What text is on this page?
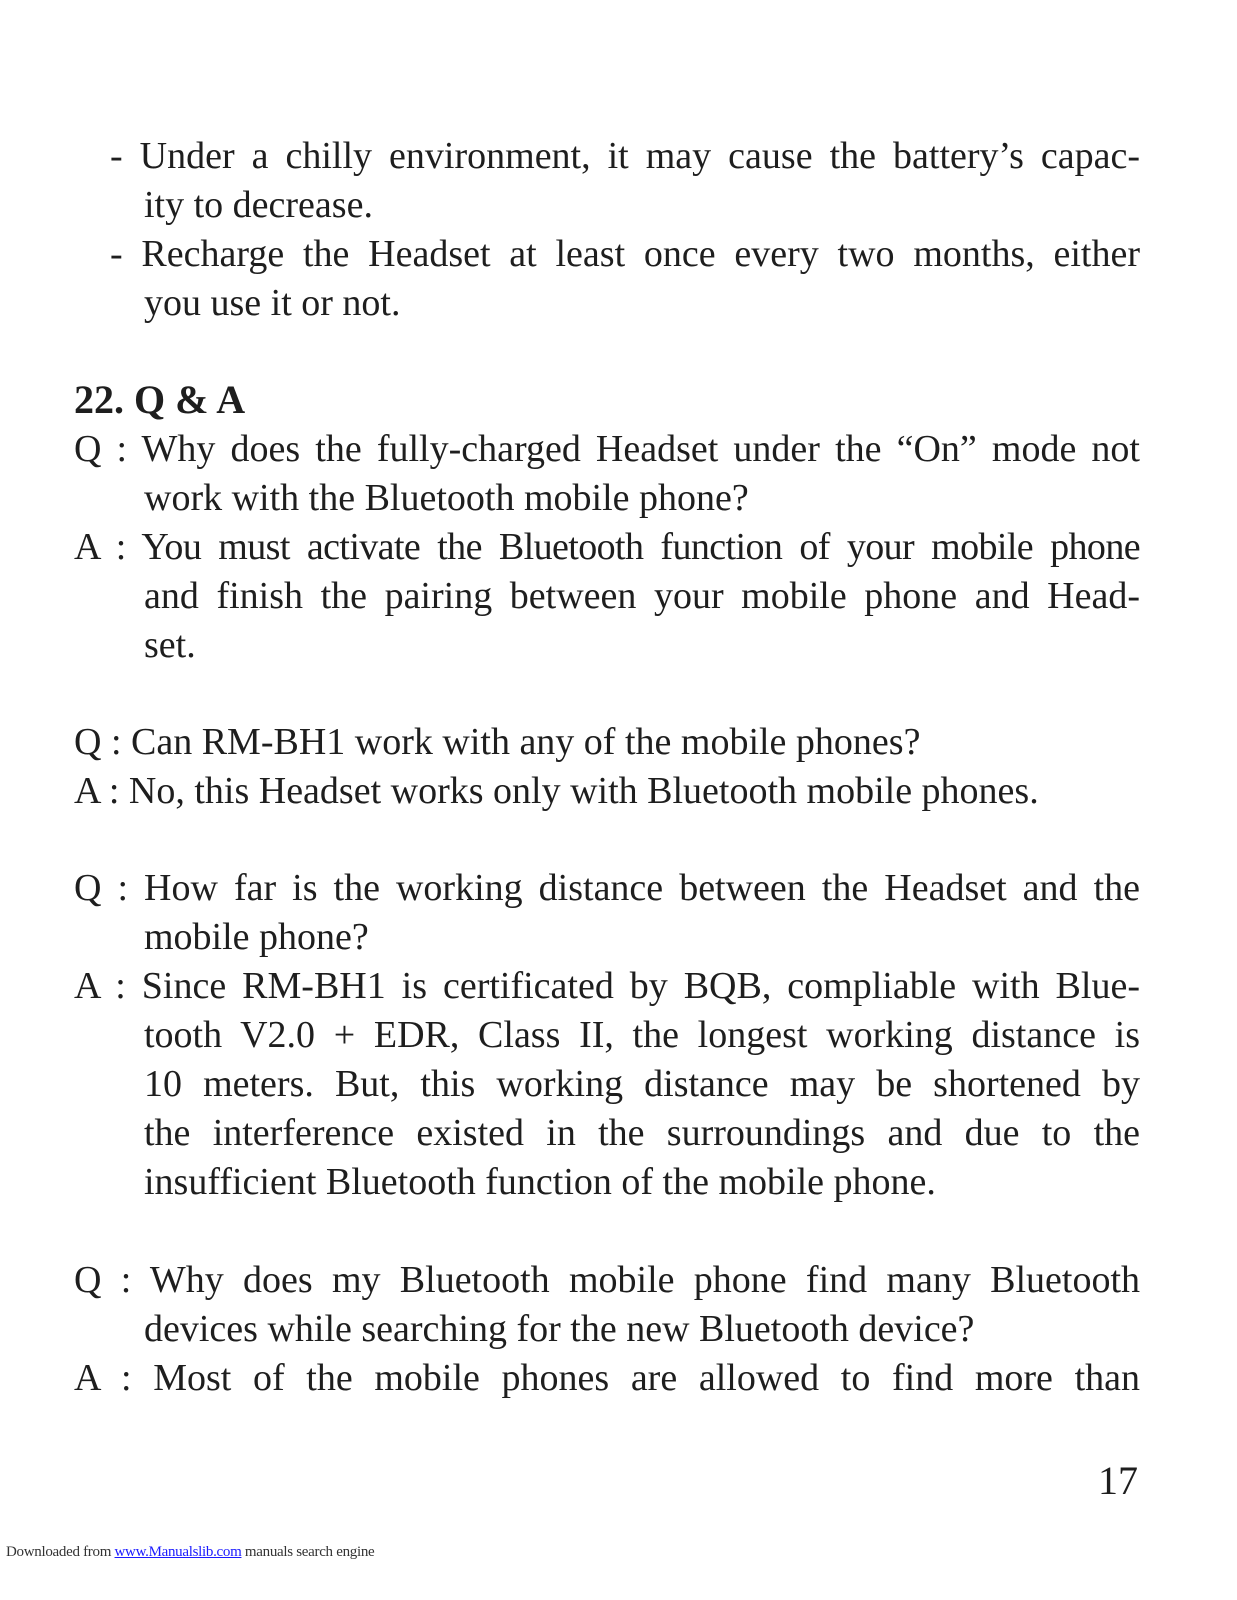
- Under a chilly environment, it may cause the battery’s capac-
ity to decrease.
- Recharge the Headset at least once every two months, either
you use it or not.
22. Q & A
Q : Why does the fully-charged Headset under the “On” mode not
work with the Bluetooth mobile phone?
A : You must activate the Bluetooth function of your mobile phone
and finish the pairing between your mobile phone and Head-
set.
Q : Can RM-BH1 work with any of the mobile phones?
A : No, this Headset works only with Bluetooth mobile phones.
Q : How far is the working distance between the Headset and the
mobile phone?
A : Since RM-BH1 is certificated by BQB, compliable with Blue-
tooth V2.0 + EDR, Class II, the longest working distance is
10 meters. But, this working distance may be shortened by
the interference existed in the surroundings and due to the
insufficient Bluetooth function of the mobile phone.
Q : Why does my Bluetooth mobile phone find many Bluetooth
devices while searching for the new Bluetooth device?
A : Most of the mobile phones are allowed to find more than
17
Downloaded from www.Manualslib.com manuals search engine
